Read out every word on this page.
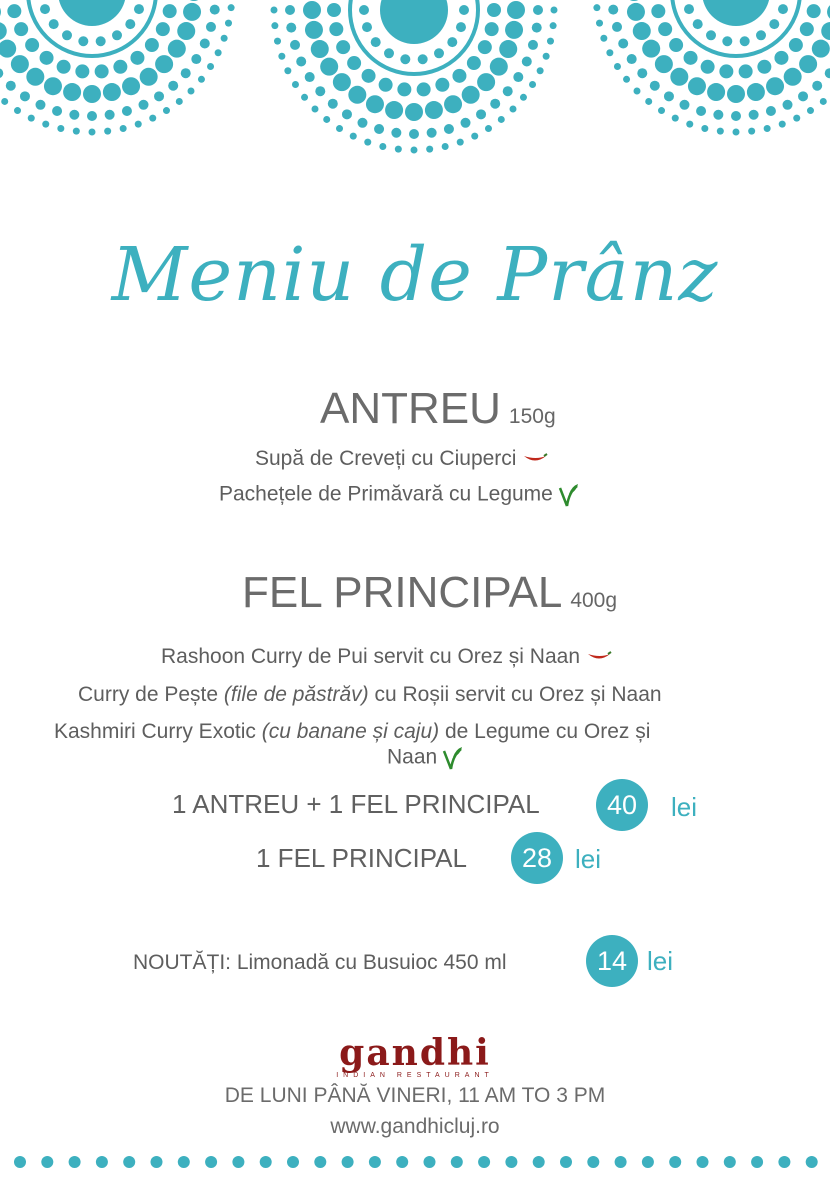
Meniu de Prânz
ANTREU 150g
Supă de Creveți cu Ciuperci
Pachețele de Primăvară cu Legume
FEL PRINCIPAL 400g
Rashoon Curry de Pui servit cu Orez și Naan
Curry de Pește (file de păstrăv) cu Roșii servit cu Orez și Naan
Kashmiri Curry Exotic (cu banane și caju) de Legume cu Orez și
Naan
1 ANTREU + 1 FEL PRINCIPAL	40	lei
1 FEL PRINCIPAL	28 lei
NOUTĂȚI: Limonadă cu Busuioc 450 ml	14 lei
gandhi
INDIAN RESTAURANT
DE LUNI PÂNĂ VINERI, 11 AM TO 3 PM
www.gandhicluj.ro
